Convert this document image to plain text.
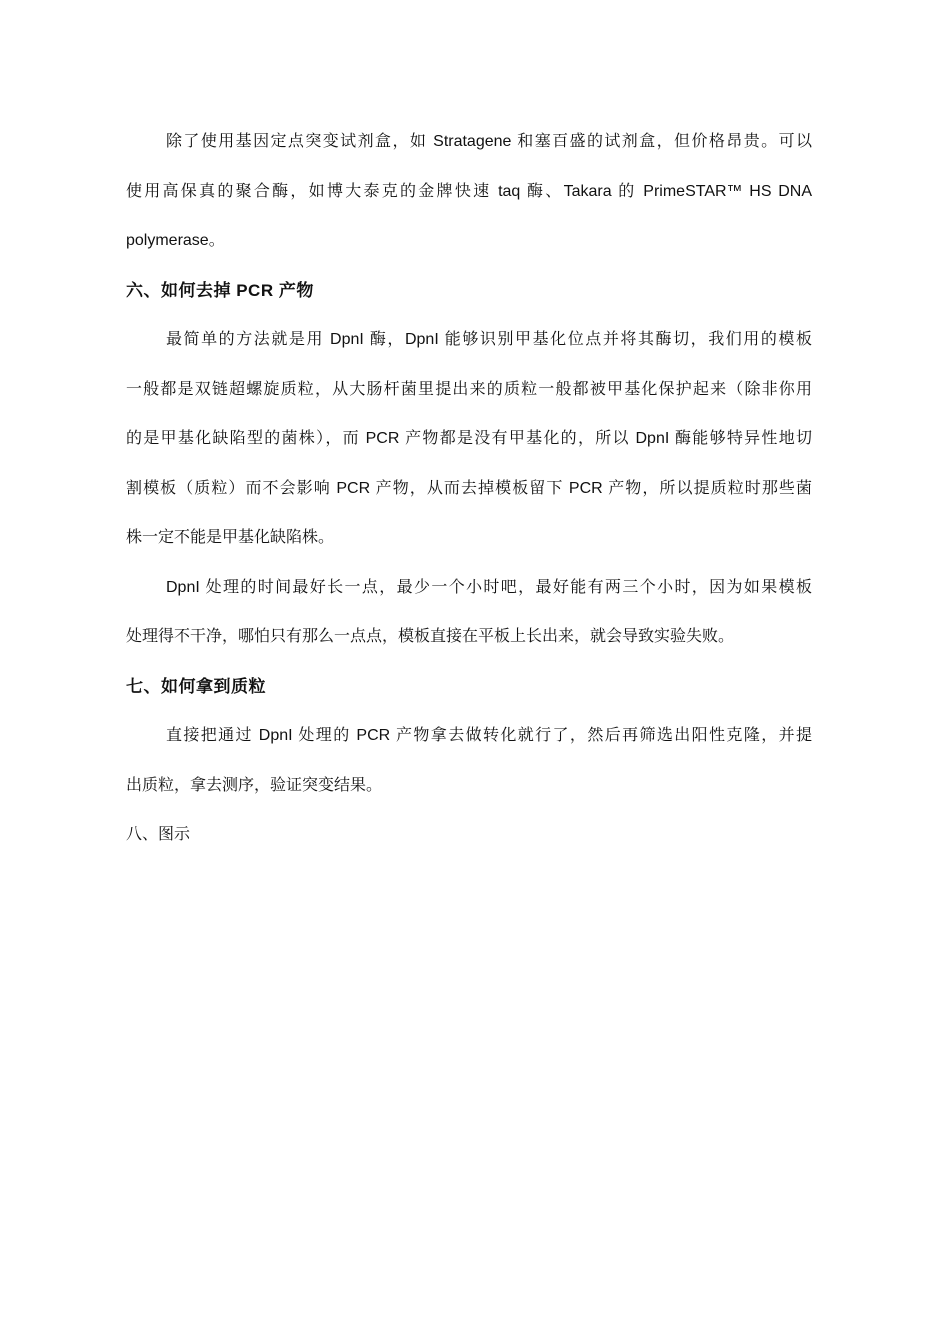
除了使用基因定点突变试剂盒，如 Stratagene 和塞百盛的试剂盒，但价格昂贵。可以
使用高保真的聚合酶，如博大泰克的金牌快速 taq 酶、Takara 的 PrimeSTAR™ HS DNA
polymerase。
六、如何去掉 PCR 产物
最简单的方法就是用 DpnI 酶，DpnI 能够识别甲基化位点并将其酶切，我们用的模板
一般都是双链超螺旋质粒，从大肠杆菌里提出来的质粒一般都被甲基化保护起来（除非你用
的是甲基化缺陷型的菌株），而 PCR 产物都是没有甲基化的，所以 DpnI 酶能够特异性地切
割模板（质粒）而不会影响 PCR 产物，从而去掉模板留下 PCR 产物，所以提质粒时那些菌
株一定不能是甲基化缺陷株。
DpnI 处理的时间最好长一点，最少一个小时吧，最好能有两三个小时，因为如果模板
处理得不干净，哪怕只有那么一点点，模板直接在平板上长出来，就会导致实验失败。
七、如何拿到质粒
直接把通过 DpnI 处理的 PCR 产物拿去做转化就行了，然后再筛选出阳性克隆，并提
出质粒，拿去测序，验证突变结果。
八、图示
